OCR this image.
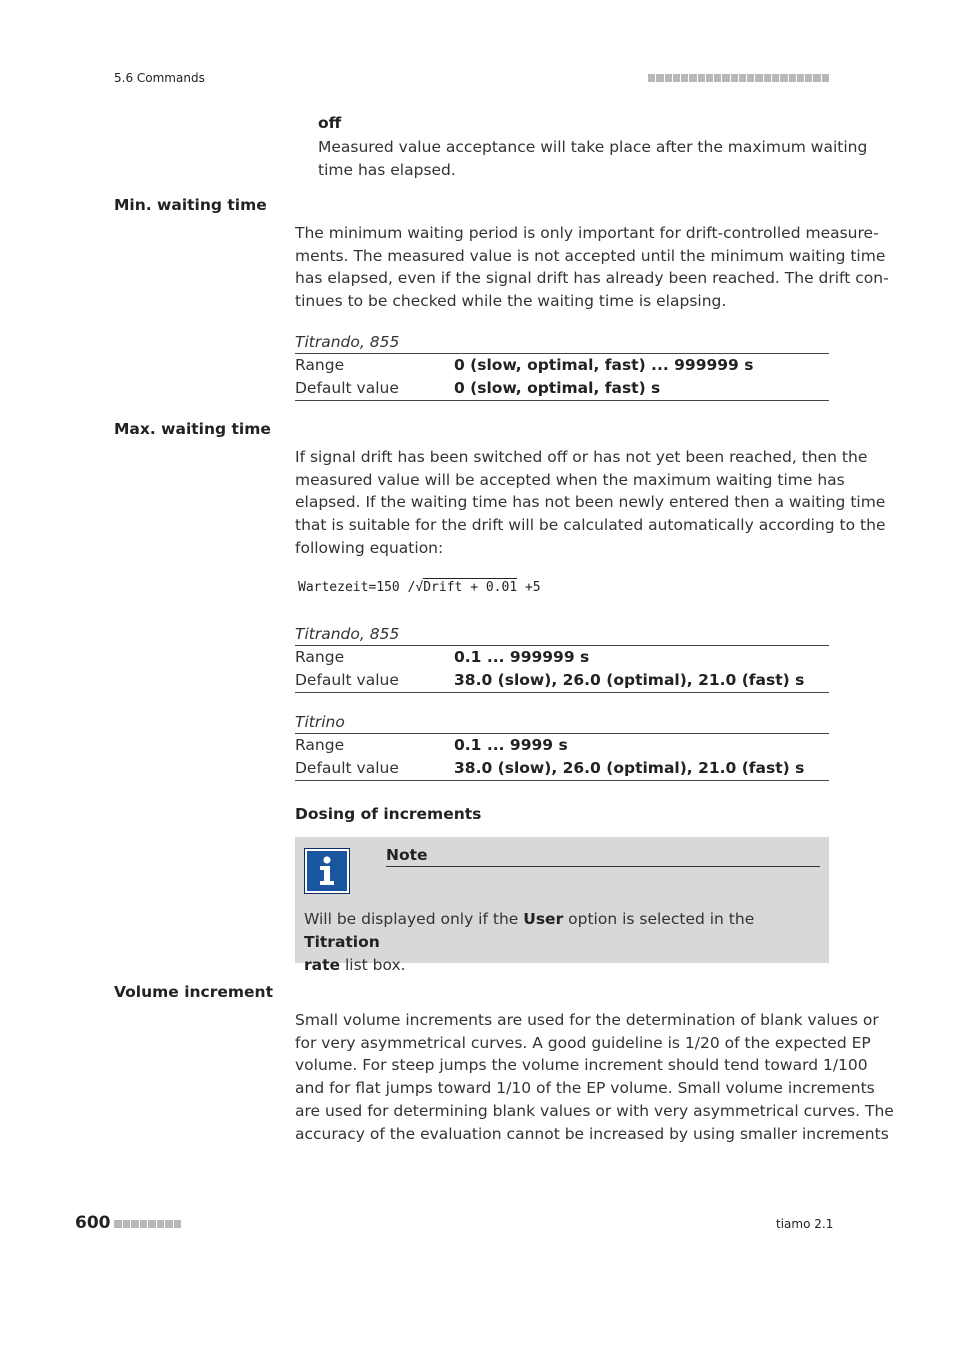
5.6 Commands
off
Measured value acceptance will take place after the maximum waiting
time has elapsed.
Min. waiting time
The minimum waiting period is only important for drift-controlled measure-
ments. The measured value is not accepted until the minimum waiting time
has elapsed, even if the signal drift has already been reached. The drift con-
tinues to be checked while the waiting time is elapsing.
Titrando, 855
Range	0 (slow, optimal, fast) ... 999999 s
Default value	0 (slow, optimal, fast) s
Max. waiting time
If signal drift has been switched off or has not yet been reached, then the
measured value will be accepted when the maximum waiting time has
elapsed. If the waiting time has not been newly entered then a waiting time
that is suitable for the drift will be calculated automatically according to the
following equation:
Wartezeit=150 /√Drift + 0.01 +5
Titrando, 855
Range	0.1 ... 999999 s
Default value	38.0 (slow), 26.0 (optimal), 21.0 (fast) s
Titrino
Range	0.1 ... 9999 s
Default value	38.0 (slow), 26.0 (optimal), 21.0 (fast) s
Dosing of increments
Note
Will be displayed only if the User option is selected in the Titration
rate list box.
Volume increment
Small volume increments are used for the determination of blank values or
for very asymmetrical curves. A good guideline is 1/20 of the expected EP
volume. For steep jumps the volume increment should tend toward 1/100
and for flat jumps toward 1/10 of the EP volume. Small volume increments
are used for determining blank values or with very asymmetrical curves. The
accuracy of the evaluation cannot be increased by using smaller increments
600	tiamo 2.1
